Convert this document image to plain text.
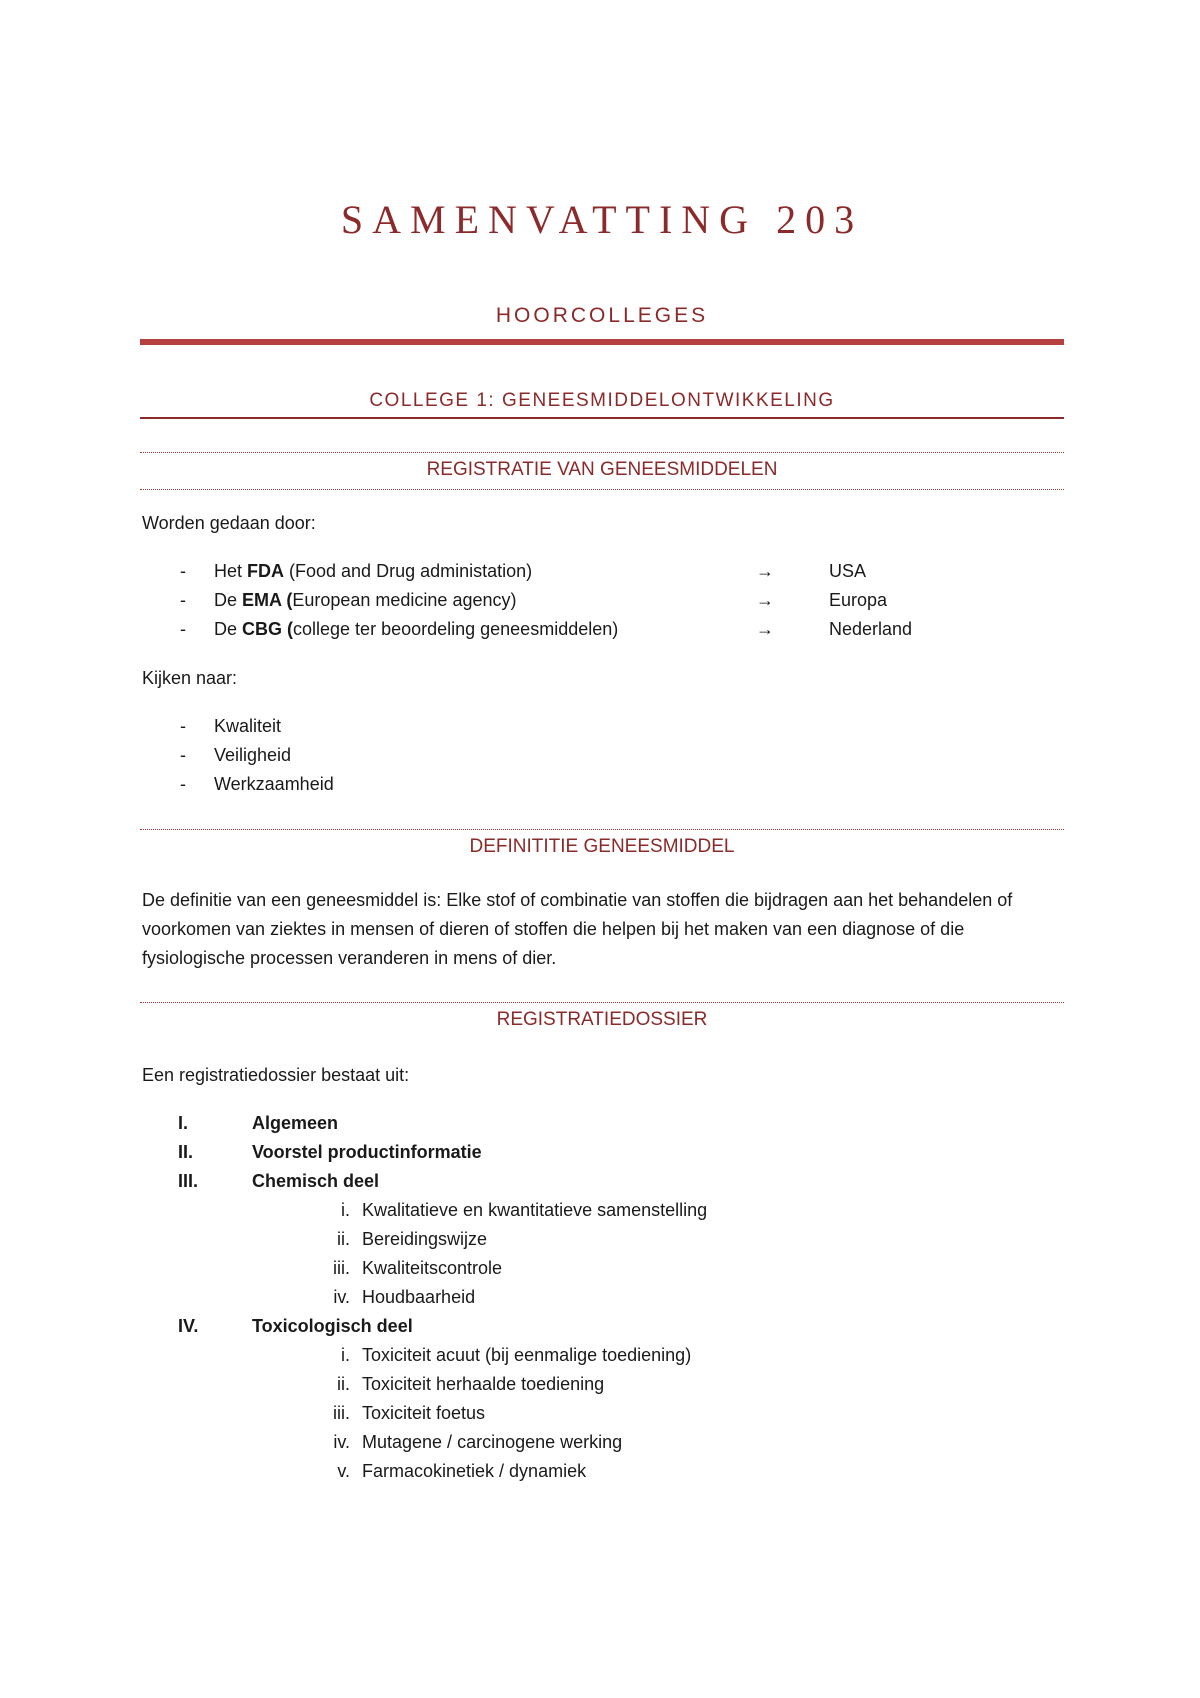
SAMENVATTING 203
HOORCOLLEGES
COLLEGE 1: GENEESMIDDELONTWIKKELING
REGISTRATIE VAN GENEESMIDDELEN
Worden gedaan door:
- Het FDA (Food and Drug administation)	→	USA
- De EMA (European medicine agency)	→	Europa
- De CBG (college ter beoordeling geneesmiddelen)	→	Nederland
Kijken naar:
- Kwaliteit
- Veiligheid
- Werkzaamheid
DEFINITITIE GENEESMIDDEL
De definitie van een geneesmiddel is: Elke stof of combinatie van stoffen die bijdragen aan het behandelen of voorkomen van ziektes in mensen of dieren of stoffen die helpen bij het maken van een diagnose of die fysiologische processen veranderen in mens of dier.
REGISTRATIEDOSSIER
Een registratiedossier bestaat uit:
I.	Algemeen
II.	Voorstel productinformatie
III.	Chemisch deel
i. Kwalitatieve en kwantitatieve samenstelling
ii. Bereidingswijze
iii. Kwaliteitscontrole
iv. Houdbaarheid
IV.	Toxicologisch deel
i. Toxiciteit acuut (bij eenmalige toediening)
ii. Toxiciteit herhaalde toediening
iii. Toxiciteit foetus
iv. Mutagene / carcinogene werking
v. Farmacokinetiek / dynamiek
